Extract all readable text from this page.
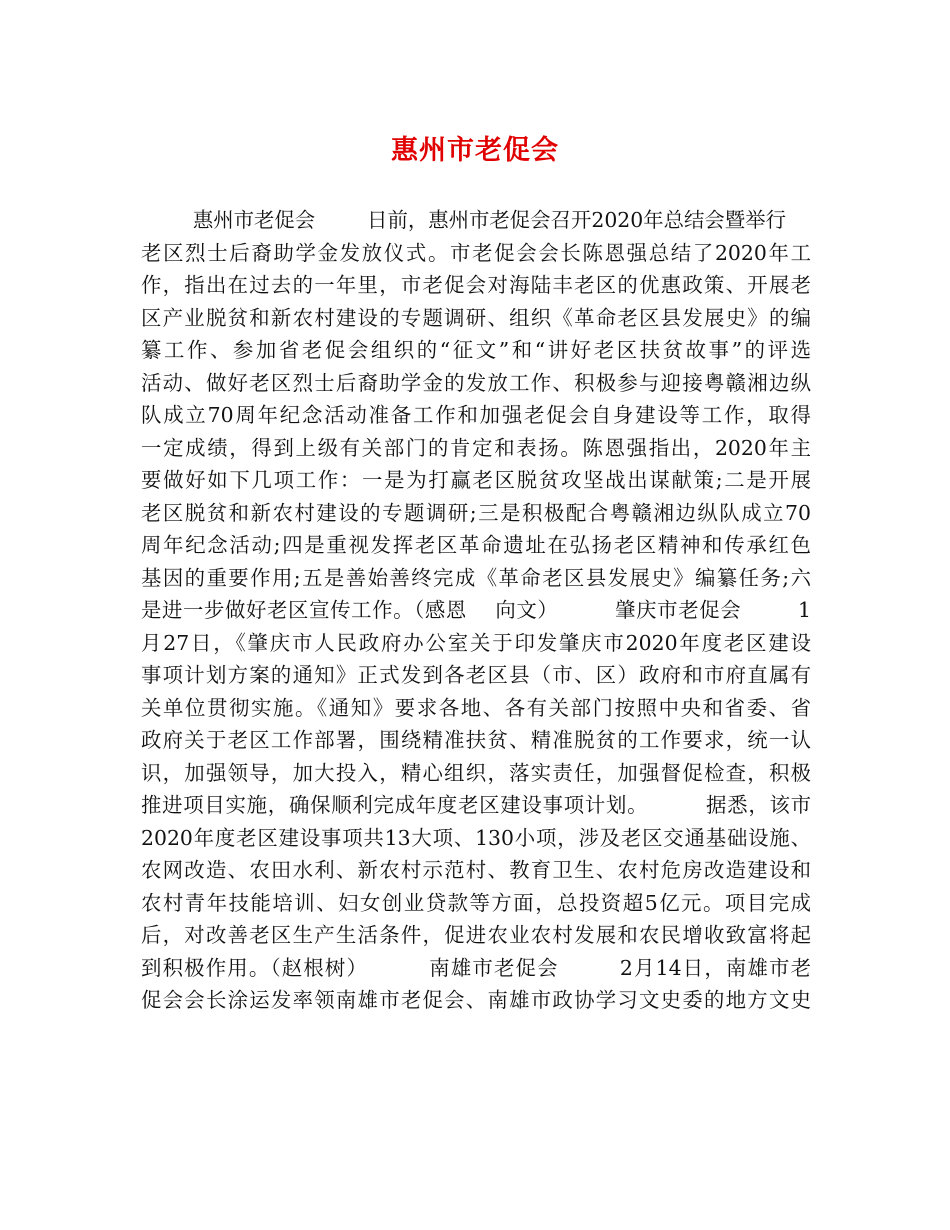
惠州市老促会
惠州市老促会        日前，惠州市老促会召开2020年总结会暨举行
老区烈士后裔助学金发放仪式。市老促会会长陈恩强总结了2020年工
作，指出在过去的一年里，市老促会对海陆丰老区的优惠政策、开展老
区产业脱贫和新农村建设的专题调研、组织《革命老区县发展史》的编
纂工作、参加省老促会组织的“征文”和“讲好老区扶贫故事”的评选
活动、做好老区烈士后裔助学金的发放工作、积极参与迎接粤赣湘边纵
队成立70周年纪念活动准备工作和加强老促会自身建设等工作，取得
一定成绩，得到上级有关部门的肯定和表扬。陈恩强指出，2020年主
要做好如下几项工作：一是为打赢老区脱贫攻坚战出谋献策;二是开展
老区脱贫和新农村建设的专题调研;三是积极配合粤赣湘边纵队成立70
周年纪念活动;四是重视发挥老区革命遗址在弘扬老区精神和传承红色
基因的重要作用;五是善始善终完成《革命老区县发展史》编纂任务;六
是进一步做好老区宣传工作。（感恩    向文）        肇庆市老促会        1
月27日，《肇庆市人民政府办公室关于印发肇庆市2020年度老区建设
事项计划方案的通知》正式发到各老区县（市、区）政府和市府直属有
关单位贯彻实施。《通知》要求各地、各有关部门按照中央和省委、省
政府关于老区工作部署，围绕精准扶贫、精准脱贫的工作要求，统一认
识，加强领导，加大投入，精心组织，落实责任，加强督促检查，积极
推进项目实施，确保顺利完成年度老区建设事项计划。        据悉，该市
2020年度老区建设事项共13大项、130小项，涉及老区交通基础设施、
农网改造、农田水利、新农村示范村、教育卫生、农村危房改造建设和
农村青年技能培训、妇女创业贷款等方面，总投资超5亿元。项目完成
后，对改善老区生产生活条件，促进农业农村发展和农民增收致富将起
到积极作用。（赵根树）        南雄市老促会        2月14日，南雄市老
促会会长涂运发率领南雄市老促会、南雄市政协学习文史委的地方文史
